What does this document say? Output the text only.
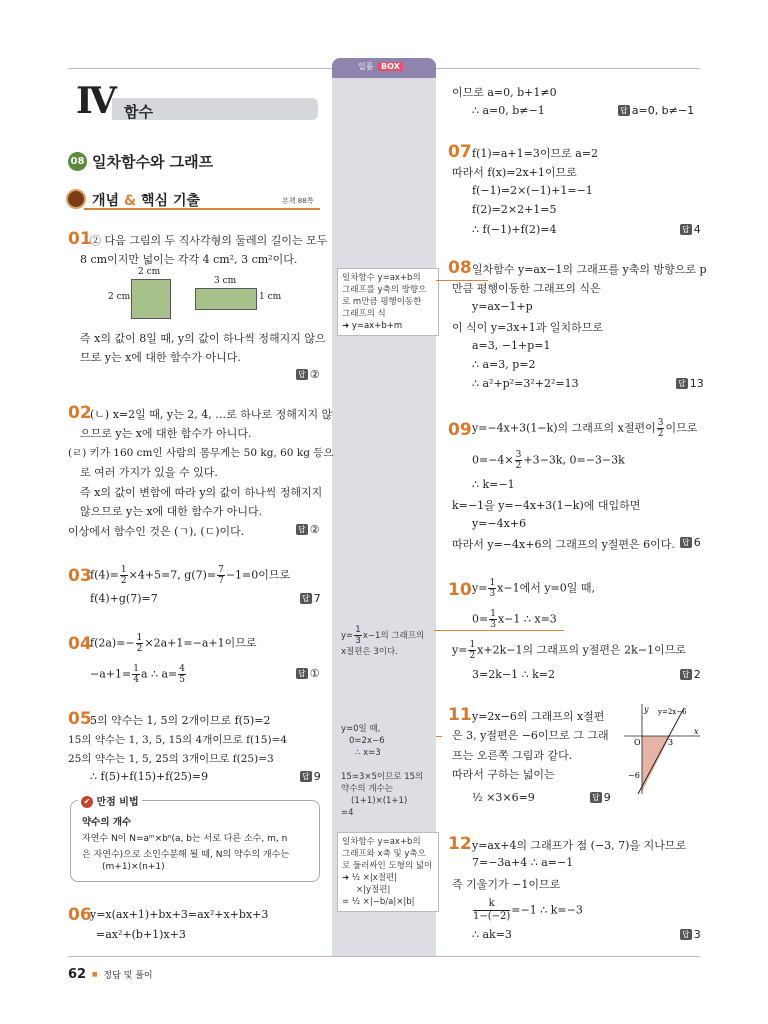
일품 BOX
Ⅳ 함수
08 일차함수와 그래프
개념 & 핵심 기출	본책 88쪽
01
② 다음 그림의 두 직사각형의 둘레의 길이는 모두
8 cm이지만 넓이는 각각 4 cm², 3 cm²이다.
2 cm
2 cm
3 cm
1 cm
즉 x의 값이 8일 때, y의 값이 하나씩 정해지지 않으
므로 y는 x에 대한 함수가 아니다.
답 ②
02
(ㄴ) x=2일 때, y는 2, 4, …로 하나로 정해지지 않
으므로 y는 x에 대한 함수가 아니다.
(ㄹ) 키가 160 cm인 사람의 몸무게는 50 kg, 60 kg 등으
로 여러 가지가 있을 수 있다.
즉 x의 값이 변함에 따라 y의 값이 하나씩 정해지지
않으므로 y는 x에 대한 함수가 아니다.
이상에서 함수인 것은 (ㄱ), (ㄷ)이다.	답 ②
03
$f(4)= \frac{1}{2} \times 4+5=7$, $g(7)= \frac{7}{7} -1=0$이므로
f(4)+g(7)=7	답 7
04
$f(2a)=- \frac{1}{2} \times 2a+1=-a+1$이므로
$-a+1= \frac{1}{4}$ a ∴ $a= \frac{4}{5}$	답 ①
05
5의 약수는 1, 5의 2개이므로 f(5)=2
15의 약수는 1, 3, 5, 15의 4개이므로 f(15)=4
25의 약수는 1, 5, 25의 3개이므로 f(25)=3
∴ f(5)+f(15)+f(25)=9	답 9
✔ 만점 비법
약수의 개수
자연수 N이 N=aᵐ×bⁿ(a, b는 서로 다른 소수, m, n
은 자연수)으로 소인수분해 될 때, N의 약수의 개수는
(m+1)×(n+1)
06
y=x(ax+1)+bx+3=ax²+x+bx+3
=ax²+(b+1)x+3
일차함수 y=ax+b의
그래프를 y축의 방향으
로 m만큼 평행이동한
그래프의 식
➜ y=ax+b+m
$y= \frac{1}{3} x-1$의 그래프의
x절편은 3이다.
y=0일 때,
0=2x−6
∴ x=3
15=3×5이므로 15의
약수의 개수는
(1+1)×(1+1)
=4
일차함수 y=ax+b의
그래프와 x축 및 y축으
로 둘러싸인 도형의 넓이
➜ ½ ×|x절편|
×|y절편|
= ½ ×|−b/a|×|b|
이므로 a=0, b+1≠0
∴ a=0, b≠−1	답 a=0, b≠−1
07 f(1)=a+1=3이므로 a=2
따라서 f(x)=2x+1이므로
f(−1)=2×(−1)+1=−1
f(2)=2×2+1=5
∴ f(−1)+f(2)=4	답 4
08 일차함수 y=ax−1의 그래프를 y축의 방향으로 p
만큼 평행이동한 그래프의 식은
y=ax−1+p
이 식이 y=3x+1과 일치하므로
a=3, −1+p=1
∴ a=3, p=2
∴ a²+p²=3²+2²=13	답 13
09 y=−4x+3(1−k)의 그래프의 x절편이 $\frac{3}{2}$ 이므로
$0=-4\times \frac{3}{2} +3-3k$, 0=−3−3k
∴ k=−1
k=−1을 y=−4x+3(1−k)에 대입하면
y=−4x+6
따라서 y=−4x+6의 그래프의 y절편은 6이다. 답 6
10 $y= \frac{1}{3} x-1$에서 y=0일 때,
$0= \frac{1}{3} x-1$ ∴ x=3
$y= \frac{1}{2} x+2k-1$의 그래프의 y절편은 2k−1이므로
3=2k−1 ∴ k=2	답 2
11 y=2x−6의 그래프의 x절편
은 3, y절편은 −6이므로 그 그래
프는 오른쪽 그림과 같다.
따라서 구하는 넓이는
½ ×3×6=9	답 9
y
x
O	3
−6
y=2x−6
12 y=ax+4의 그래프가 점 (−3, 7)을 지나므로
7=−3a+4 ∴ a=−1
즉 기울기가 −1이므로
$\frac{k}{1-(-2)} =-1$ ∴ k=−3
∴ ak=3	답 3
62 ■ 정답 및 풀이
